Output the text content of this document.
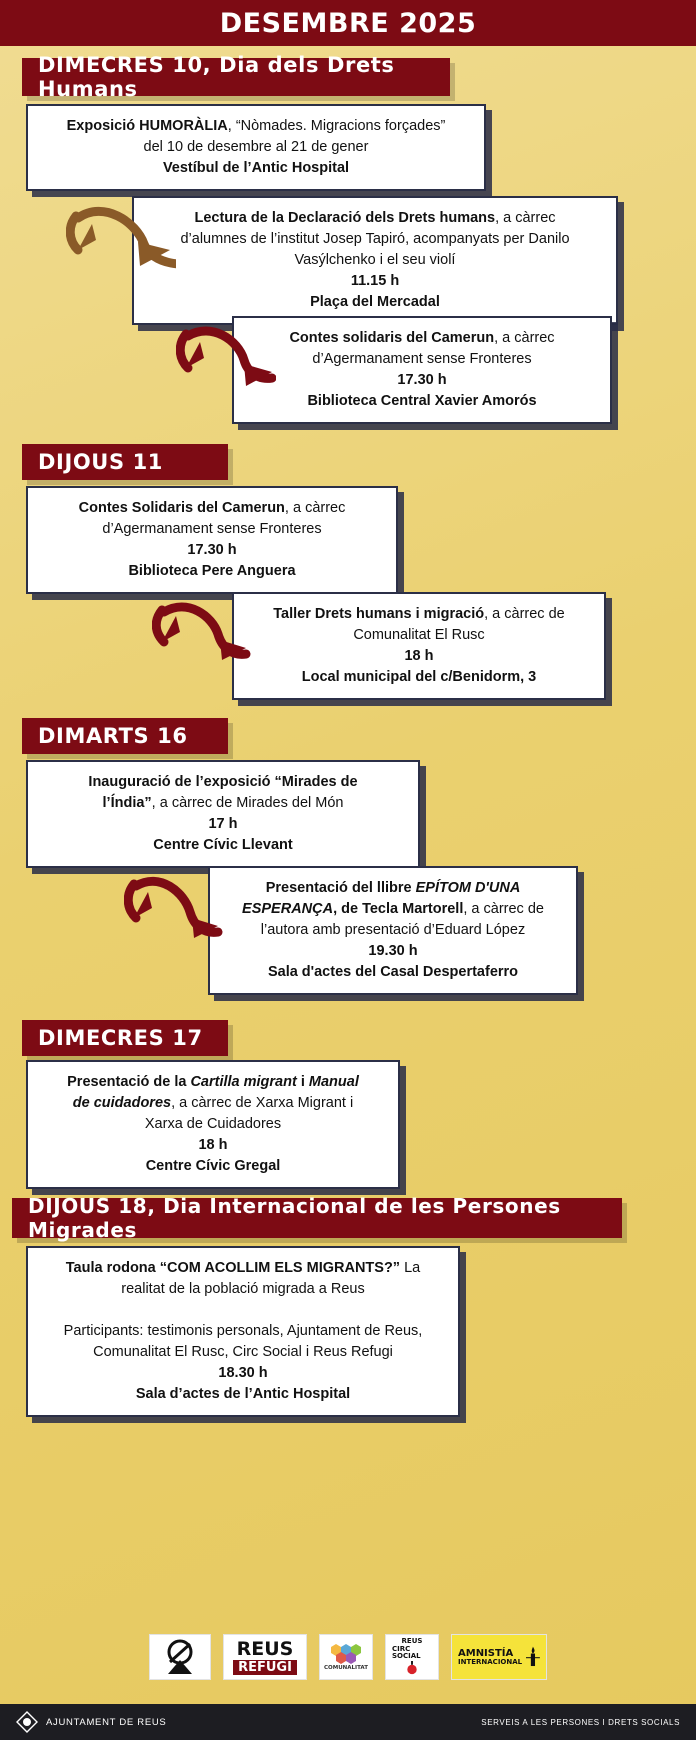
DESEMBRE 2025
DIMECRES 10, Dia dels Drets Humans

Exposició HUMORÀLIA, “Nòmades. Migracions forçades”

del 10 de desembre al 21 de gener

Vestíbul de l’Antic Hospital

Lectura de la Declaració dels Drets humans, a càrrec

d’alumnes de l’institut Josep Tapiró, acompanyats per Danilo

Vasýlchenko i el seu violí

11.15 h

Plaça del Mercadal

Contes solidaris del Camerun, a càrrec

d’Agermanament sense Fronteres

17.30 h

Biblioteca Central Xavier Amorós

DIJOUS 11

Contes Solidaris del Camerun, a càrrec

d’Agermanament sense Fronteres

17.30 h

Biblioteca Pere Anguera

Taller Drets humans i migració, a càrrec de

Comunalitat El Rusc

18 h

Local municipal del c/Benidorm, 3

DIMARTS 16

Inauguració de l’exposició “Mirades de

l’Índia”, a càrrec de Mirades del Món

17 h

Centre Cívic Llevant

Presentació del llibre EPÍTOM D'UNA

ESPERANÇA, de Tecla Martorell, a càrrec de

l’autora amb presentació d’Eduard López

19.30 h

Sala d'actes del Casal Despertaferro

DIMECRES 17

Presentació de la Cartilla migrant i Manual

de cuidadores, a càrrec de Xarxa Migrant i

Xarxa de Cuidadores

18 h

Centre Cívic Gregal

DIJOUS 18, Dia Internacional de les Persones Migrades

Taula rodona “COM ACOLLIM ELS MIGRANTS?” La

realitat de la població migrada a Reus

Participants: testimonis personals, Ajuntament de Reus,

Comunalitat El Rusc, Circ Social i Reus Refugi

18.30 h

Sala d’actes de l’Antic Hospital

REUS
REFUGI	COMUNALITAT
REUS
CIRC SOCIAL	AMNISTÍA
INTERNACIONAL
AJUNTAMENT DE REUS	SERVEIS A LES PERSONES I DRETS SOCIALS
